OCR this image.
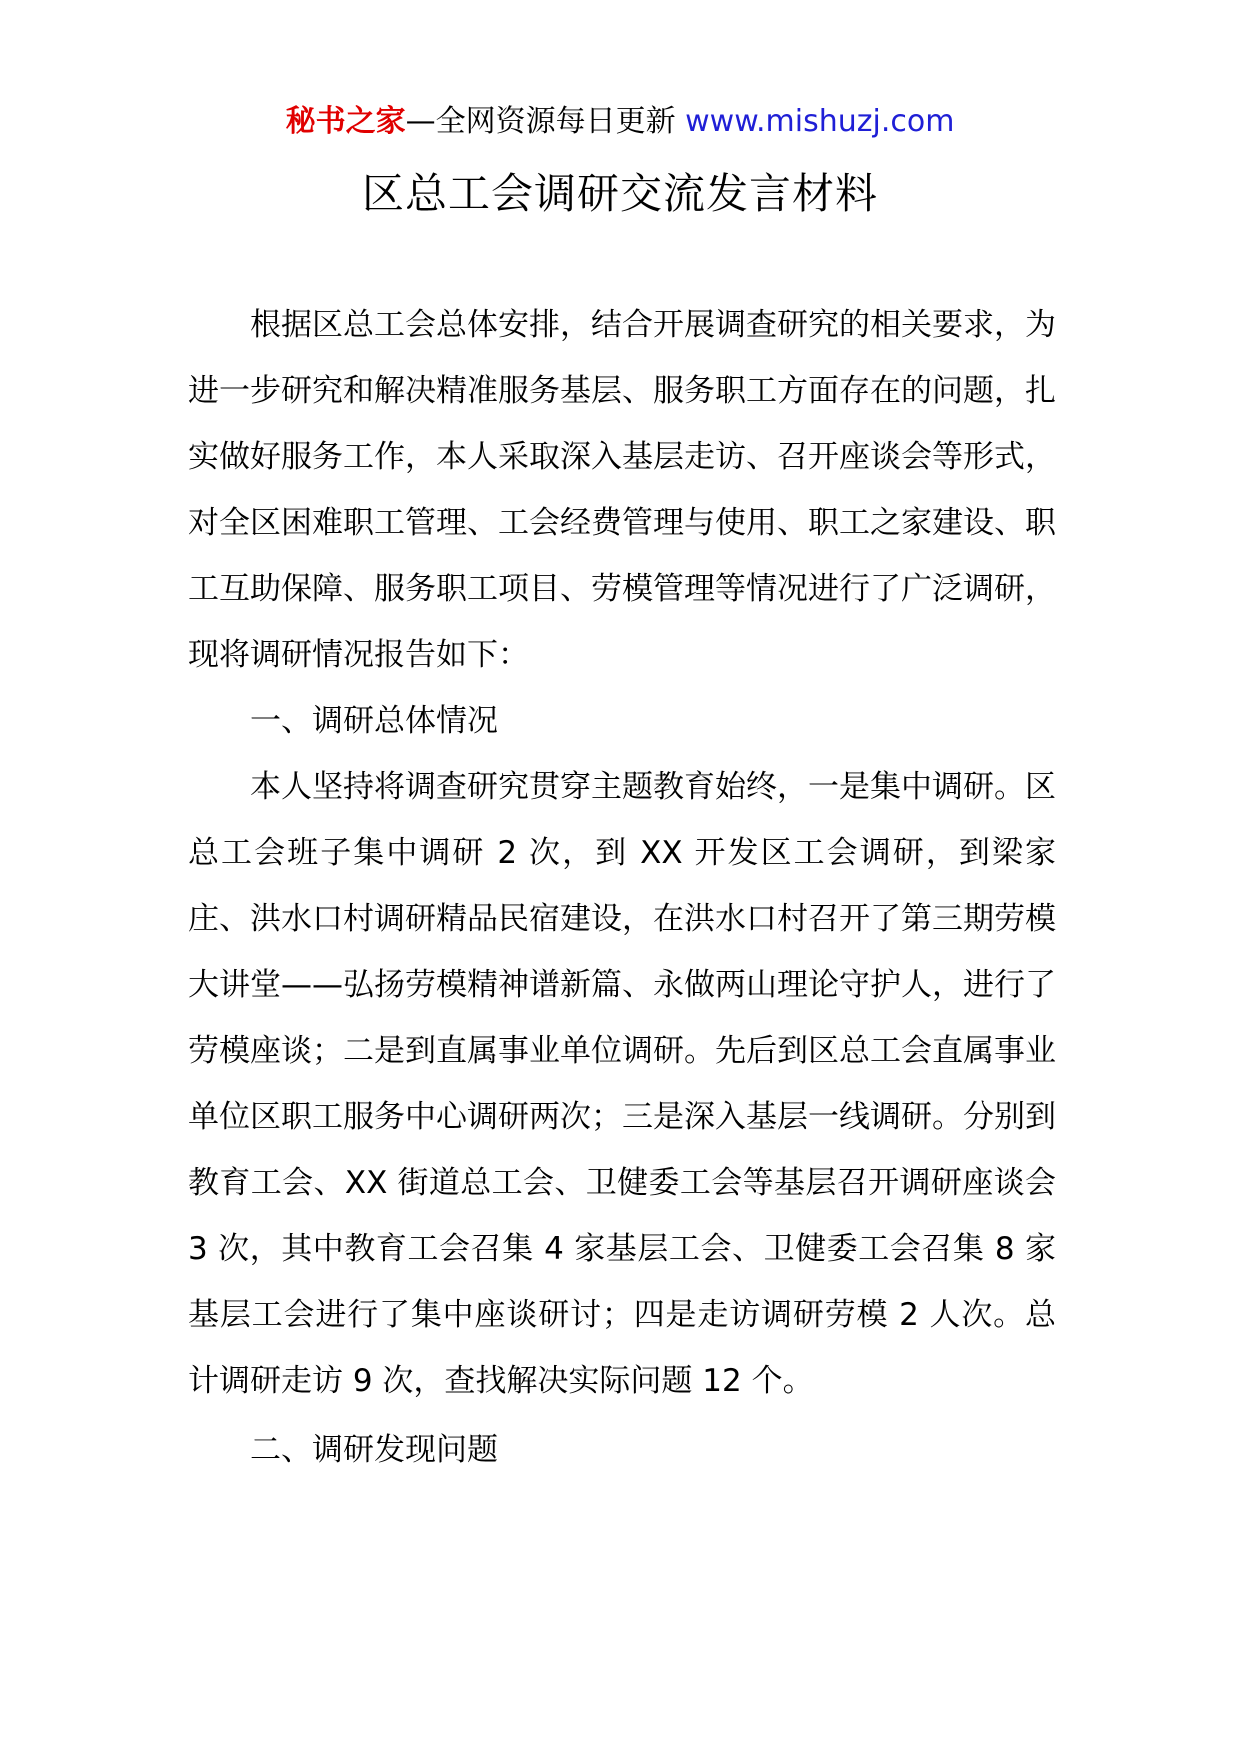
秘书之家—全网资源每日更新 www.mishuzj.com
区总工会调研交流发言材料

根据区总工会总体安排，结合开展调查研究的相关要求，为进一步研究和解决精准服务基层、服务职工方面存在的问题，扎实做好服务工作，本人采取深入基层走访、召开座谈会等形式，对全区困难职工管理、工会经费管理与使用、职工之家建设、职工互助保障、服务职工项目、劳模管理等情况进行了广泛调研，现将调研情况报告如下：

一、调研总体情况

本人坚持将调查研究贯穿主题教育始终，一是集中调研。区总工会班子集中调研 2 次，到 XX 开发区工会调研，到梁家庄、洪水口村调研精品民宿建设，在洪水口村召开了第三期劳模大讲堂——弘扬劳模精神谱新篇、永做两山理论守护人，进行了劳模座谈；二是到直属事业单位调研。先后到区总工会直属事业单位区职工服务中心调研两次；三是深入基层一线调研。分别到教育工会、XX 街道总工会、卫健委工会等基层召开调研座谈会 3 次，其中教育工会召集 4 家基层工会、卫健委工会召集 8 家基层工会进行了集中座谈研讨；四是走访调研劳模 2 人次。总计调研走访 9 次，查找解决实际问题 12 个。

二、调研发现问题
